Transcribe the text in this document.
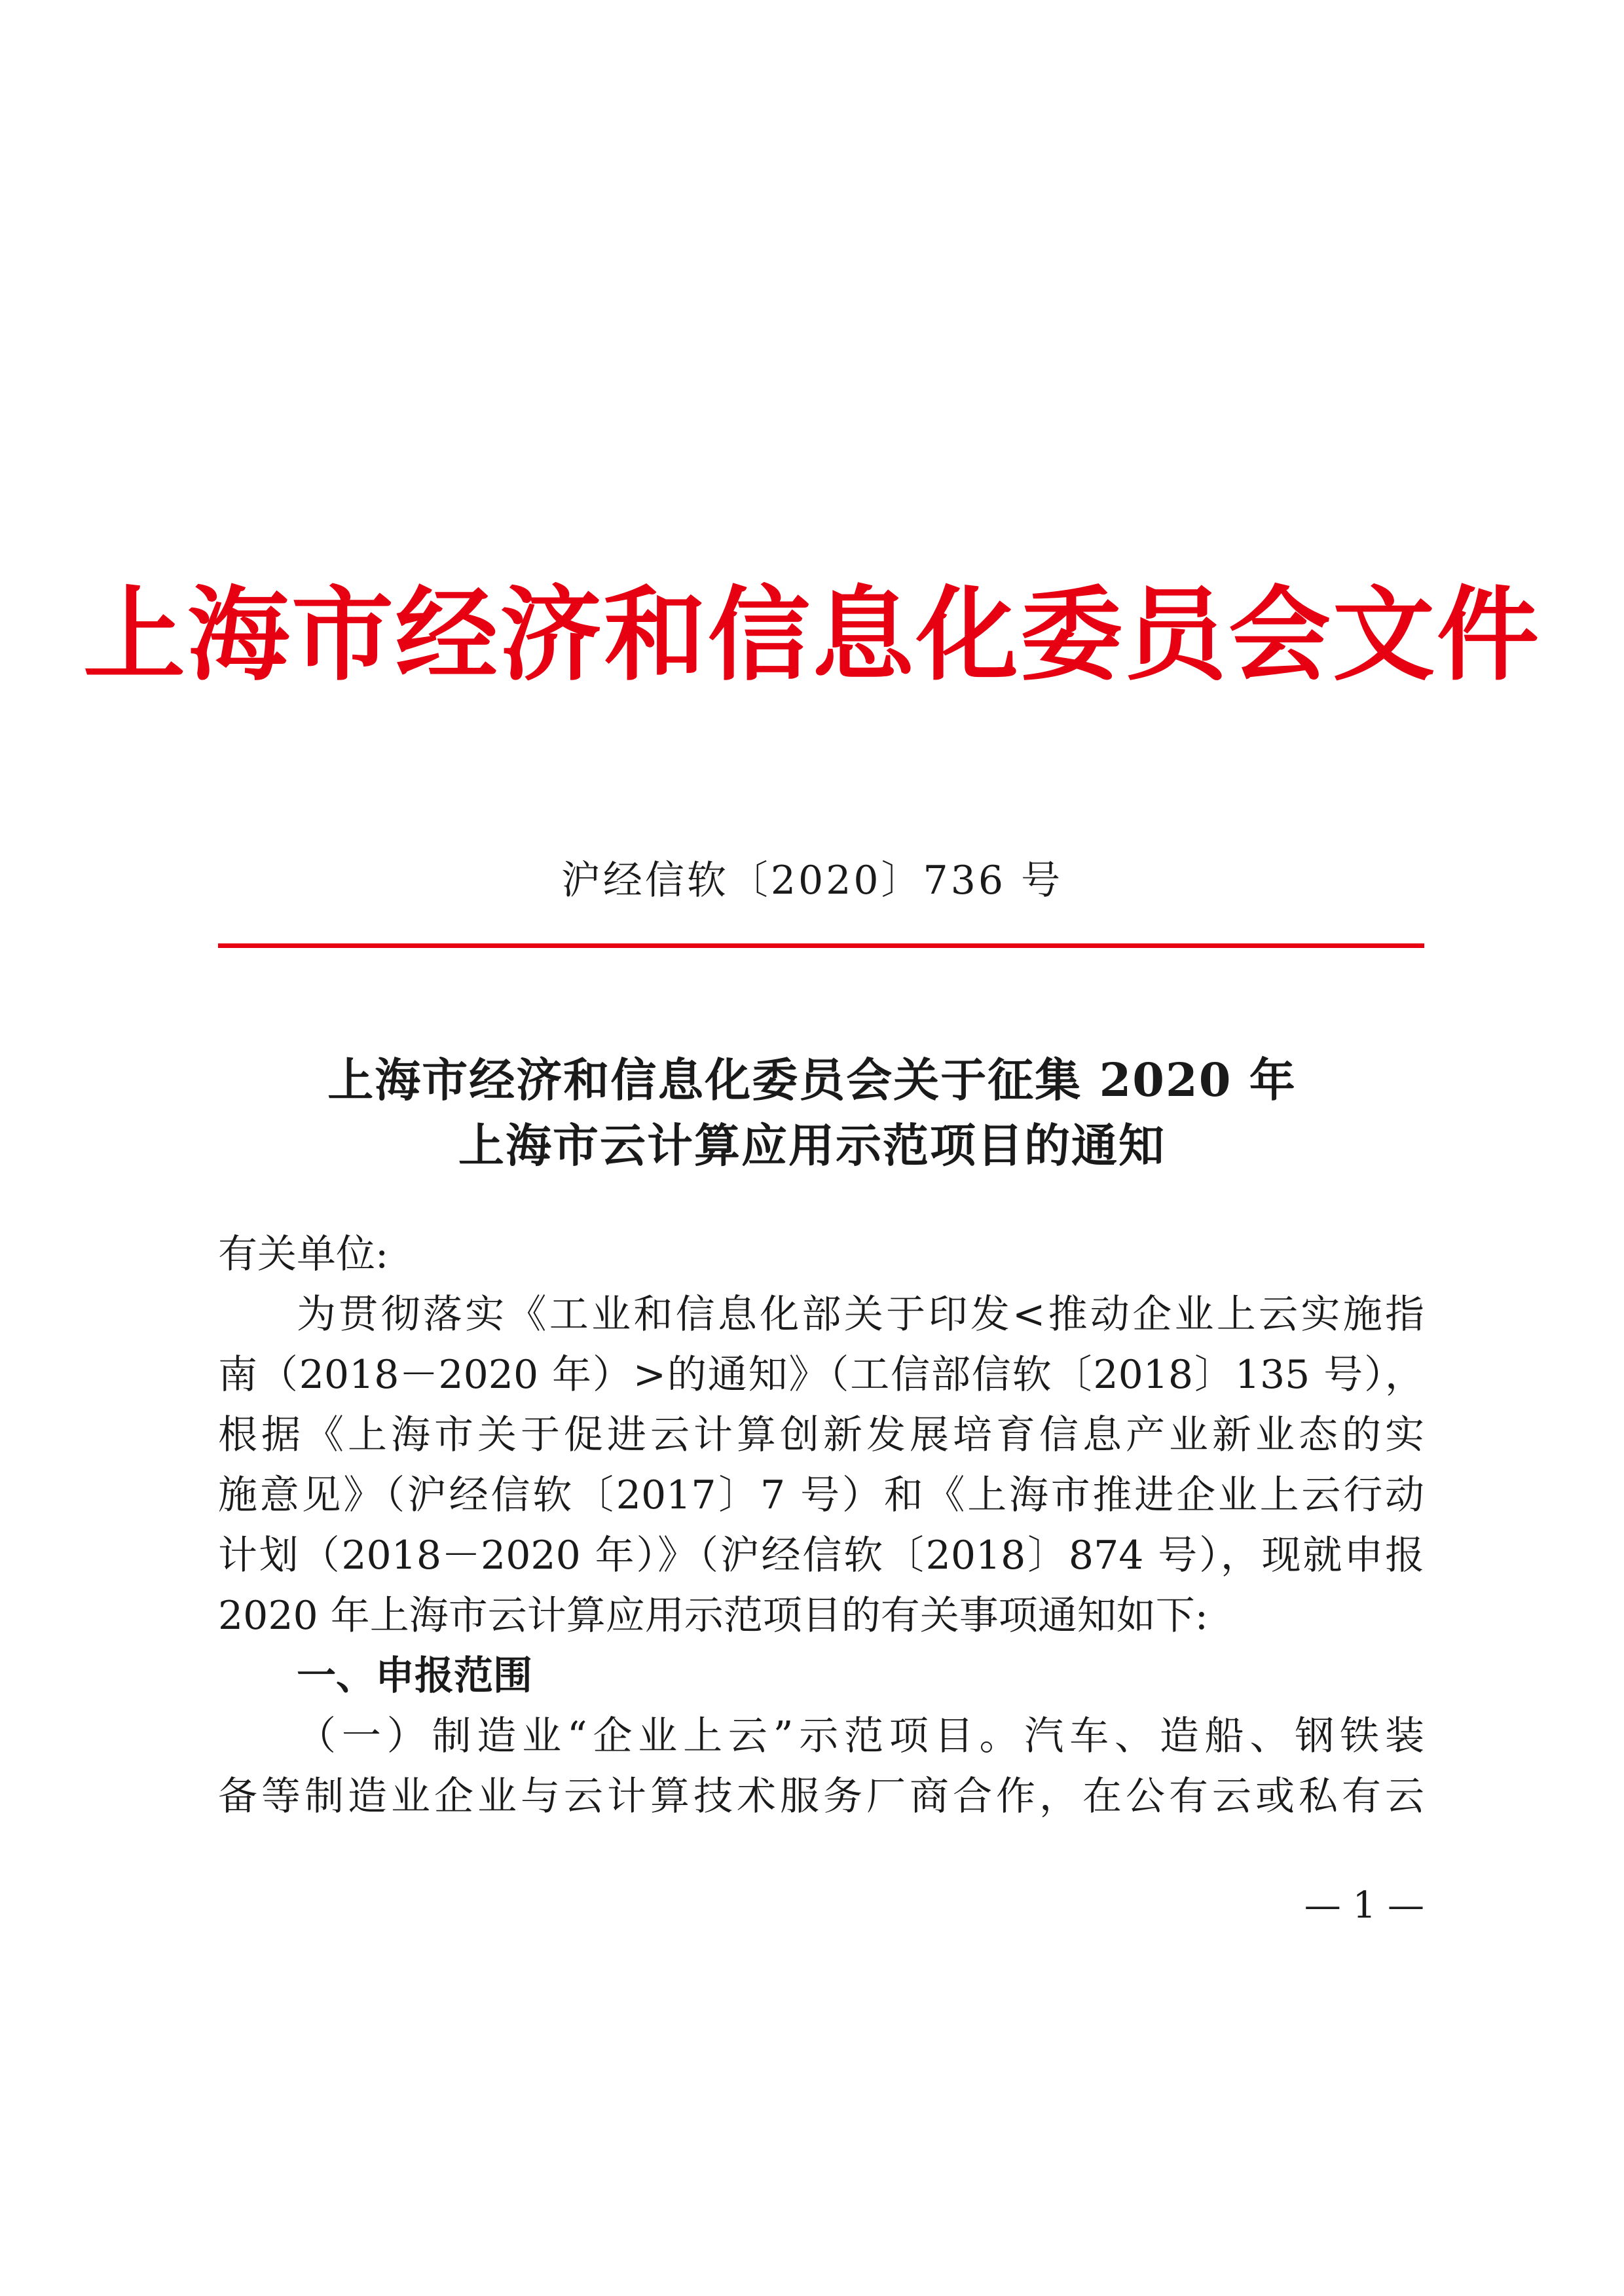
上海市经济和信息化委员会文件
沪经信软〔2020〕736 号
上海市经济和信息化委员会关于征集 2020 年
上海市云计算应用示范项目的通知
有关单位:
为贯彻落实《工业和信息化部关于印发<推动企业上云实施指
南（2018－2020 年）>的通知》（工信部信软〔2018〕135 号），
根据《上海市关于促进云计算创新发展培育信息产业新业态的实
施意见》（沪经信软〔2017〕7 号）和《上海市推进企业上云行动
计划（2018－2020 年）》（沪经信软〔2018〕874 号），现就申报
2020 年上海市云计算应用示范项目的有关事项通知如下:
一、申报范围
（一）制造业“企业上云”示范项目。汽车、造船、钢铁装
备等制造业企业与云计算技术服务厂商合作，在公有云或私有云
— 1 —
